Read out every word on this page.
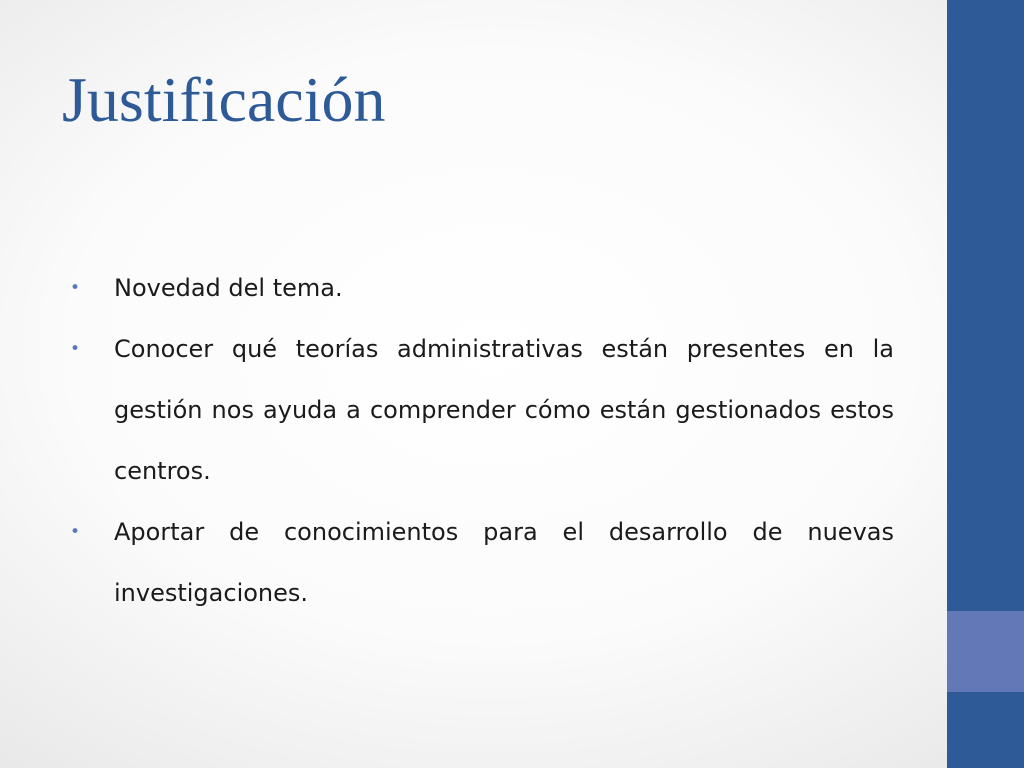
Justificación
• Novedad del tema.
• Conocer qué teorías administrativas están presentes en la gestión nos ayuda a comprender cómo están gestionados estos centros.
• Aportar de conocimientos para el desarrollo de nuevas investigaciones.
